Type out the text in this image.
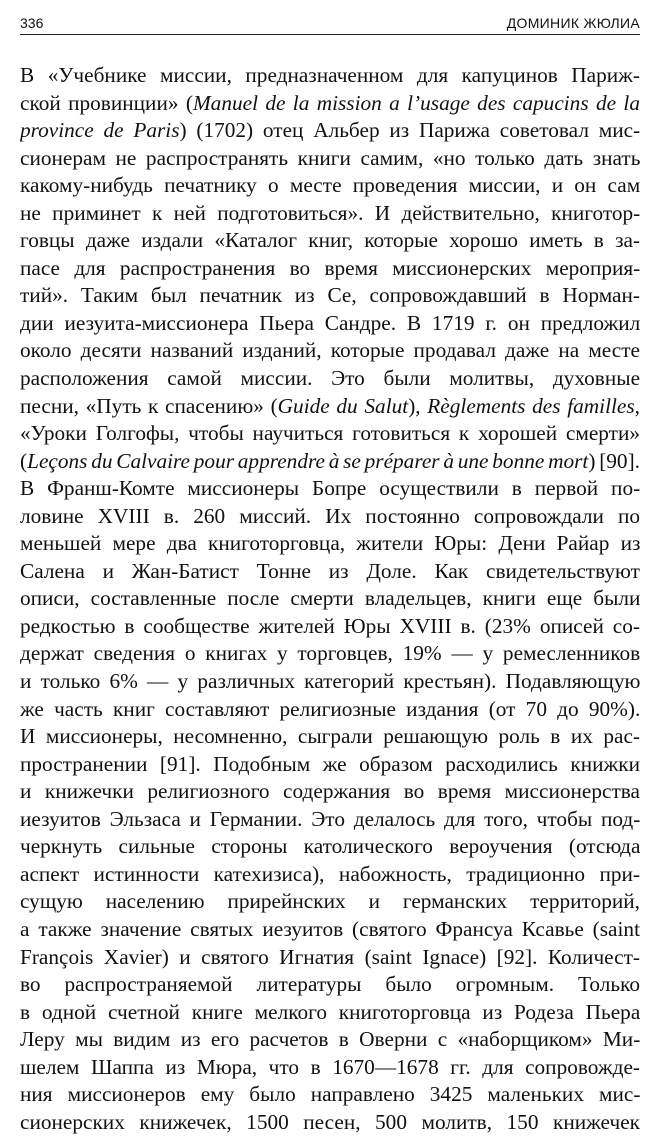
336	ДОМИНИК ЖЮЛИА
В «Учебнике миссии, предназначенном для капуцинов Париж-
ской провинции» (Manuel de la mission a l’usage des capucins de la
province de Paris) (1702) отец Альбер из Парижа советовал мис-
сионерам не распространять книги самим, «но только дать знать
какому-нибудь печатнику о месте проведения миссии, и он сам
не приминет к ней подготовиться». И действительно, книготор-
говцы даже издали «Каталог книг, которые хорошо иметь в за-
пасе для распространения во время миссионерских мероприя-
тий». Таким был печатник из Се, сопровождавший в Норман-
дии иезуита-миссионера Пьера Сандре. В 1719 г. он предложил
около десяти названий изданий, которые продавал даже на месте
расположения самой миссии. Это были молитвы, духовные
песни, «Путь к спасению» (Guide du Salut), Règlements des familles,
«Уроки Голгофы, чтобы научиться готовиться к хорошей смерти»
(Leçons du Calvaire pour apprendre à se préparer à une bonne mort) [90].
В Франш-Комте миссионеры Бопре осуществили в первой по-
ловине XVIII в. 260 миссий. Их постоянно сопровождали по
меньшей мере два книготорговца, жители Юры: Дени Райар из
Салена и Жан-Батист Тонне из Доле. Как свидетельствуют
описи, составленные после смерти владельцев, книги еще были
редкостью в сообществе жителей Юры XVIII в. (23% описей со-
держат сведения о книгах у торговцев, 19% — у ремесленников
и только 6% — у различных категорий крестьян). Подавляющую
же часть книг составляют религиозные издания (от 70 до 90%).
И миссионеры, несомненно, сыграли решающую роль в их рас-
пространении [91]. Подобным же образом расходились книжки
и книжечки религиозного содержания во время миссионерства
иезуитов Эльзаса и Германии. Это делалось для того, чтобы под-
черкнуть сильные стороны католического вероучения (отсюда
аспект истинности катехизиса), набожность, традиционно при-
сущую населению прирейнских и германских территорий,
а также значение святых иезуитов (святого Франсуа Ксавье (saint
François Xavier) и святого Игнатия (saint Ignace) [92]. Количест-
во распространяемой литературы было огромным. Только
в одной счетной книге мелкого книготорговца из Родеза Пьера
Леру мы видим из его расчетов в Оверни с «наборщиком» Ми-
шелем Шаппа из Мюра, что в 1670—1678 гг. для сопровожде-
ния миссионеров ему было направлено 3425 маленьких мис-
сионерских книжечек, 1500 песен, 500 молитв, 150 книжечек
